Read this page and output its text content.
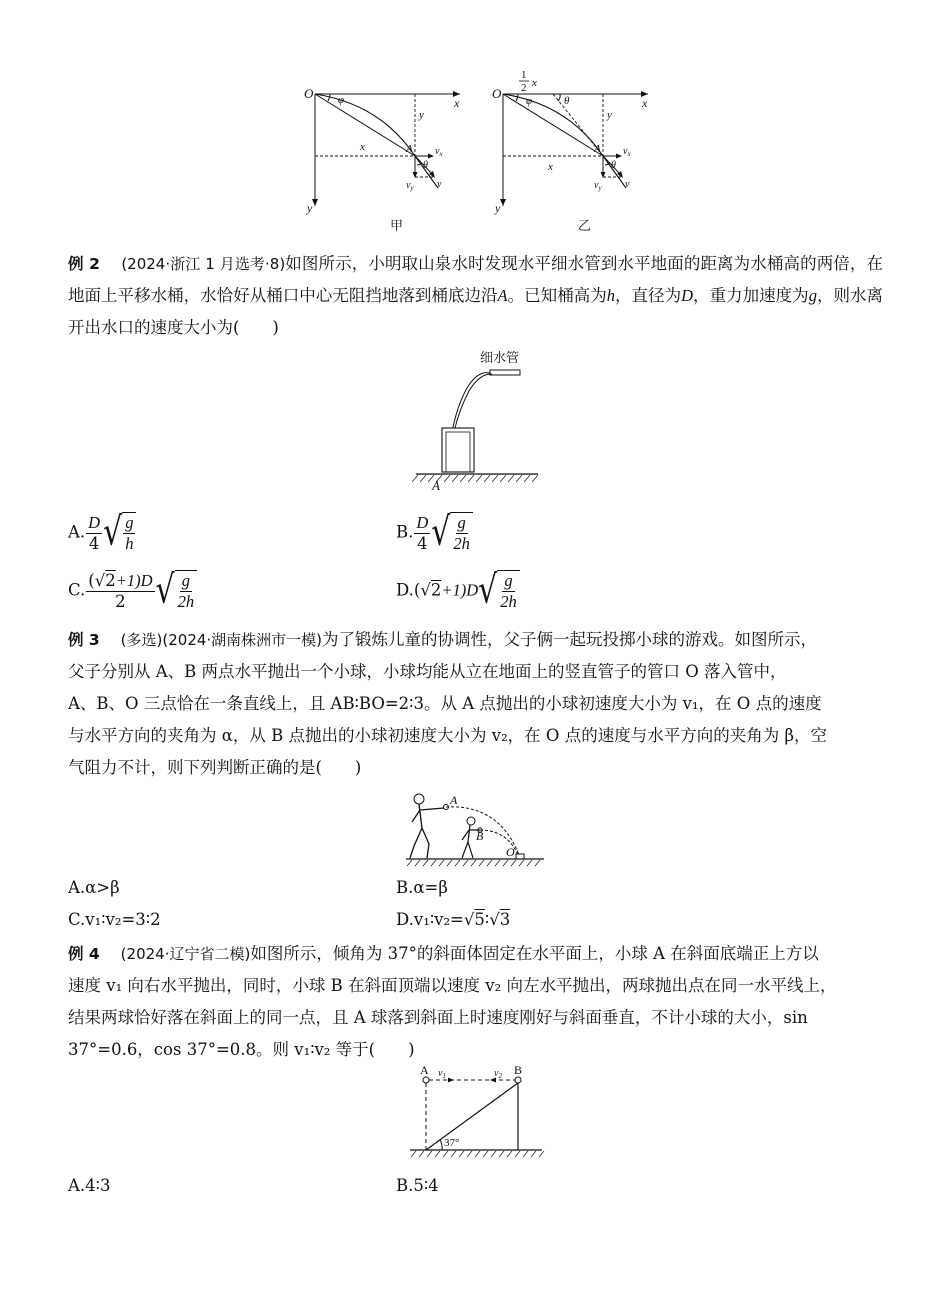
O
x
y
φ
y
x	A $v_x$
θ
$v_y$ v
甲
1
2 x
O
x
y
φ	θ
y
x
A $v_x$
θ
$v_y$ v
乙
例 2 (2024·浙江 1 月选考·8)如图所示，小明取山泉水时发现水平细水管到水平地面的距离为水桶高的两倍，在地面上平移水桶，水恰好从桶口中心无阻挡地落到桶底边沿A。已知桶高为h，直径为D，重力加速度为g，则水离开出水口的速度大小为(　　)
细水管
A
A. $\frac{D}{4}$ √ $\frac{g}{h}$	B. $\frac{D}{4}$ √ $\frac{g}{2h}$
C. $\frac{(√2+1)D}{2}$ √ $\frac{g}{2h}$	D.(√2+1)D √ $\frac{g}{2h}$
例 3 (多选)(2024·湖南株洲市一模)为了锻炼儿童的协调性，父子俩一起玩投掷小球的游戏。如图所示，
父子分别从 A、B 两点水平抛出一个小球，小球均能从立在地面上的竖直管子的管口 O 落入管中，
A、B、O 三点恰在一条直线上，且 AB∶BO=2∶3。从 A 点抛出的小球初速度大小为 v₁，在 O 点的速度
与水平方向的夹角为 α，从 B 点抛出的小球初速度大小为 v₂，在 O 点的速度与水平方向的夹角为 β，空
气阻力不计，则下列判断正确的是(　　)
A
B
O
A.α>β	B.α=β
C.v₁∶v₂=3∶2	D.v₁∶v₂=√5∶√3
例 4 (2024·辽宁省二模)如图所示，倾角为 37°的斜面体固定在水平面上，小球 A 在斜面底端正上方以
速度 v₁ 向右水平抛出，同时，小球 B 在斜面顶端以速度 v₂ 向左水平抛出，两球抛出点在同一水平线上，
结果两球恰好落在斜面上的同一点，且 A 球落到斜面上时速度刚好与斜面垂直，不计小球的大小，sin
37°=0.6，cos 37°=0.8。则 v₁∶v₂ 等于(　　)
A	B
$v_1$	$v_2$
37°
A.4∶3	B.5∶4
